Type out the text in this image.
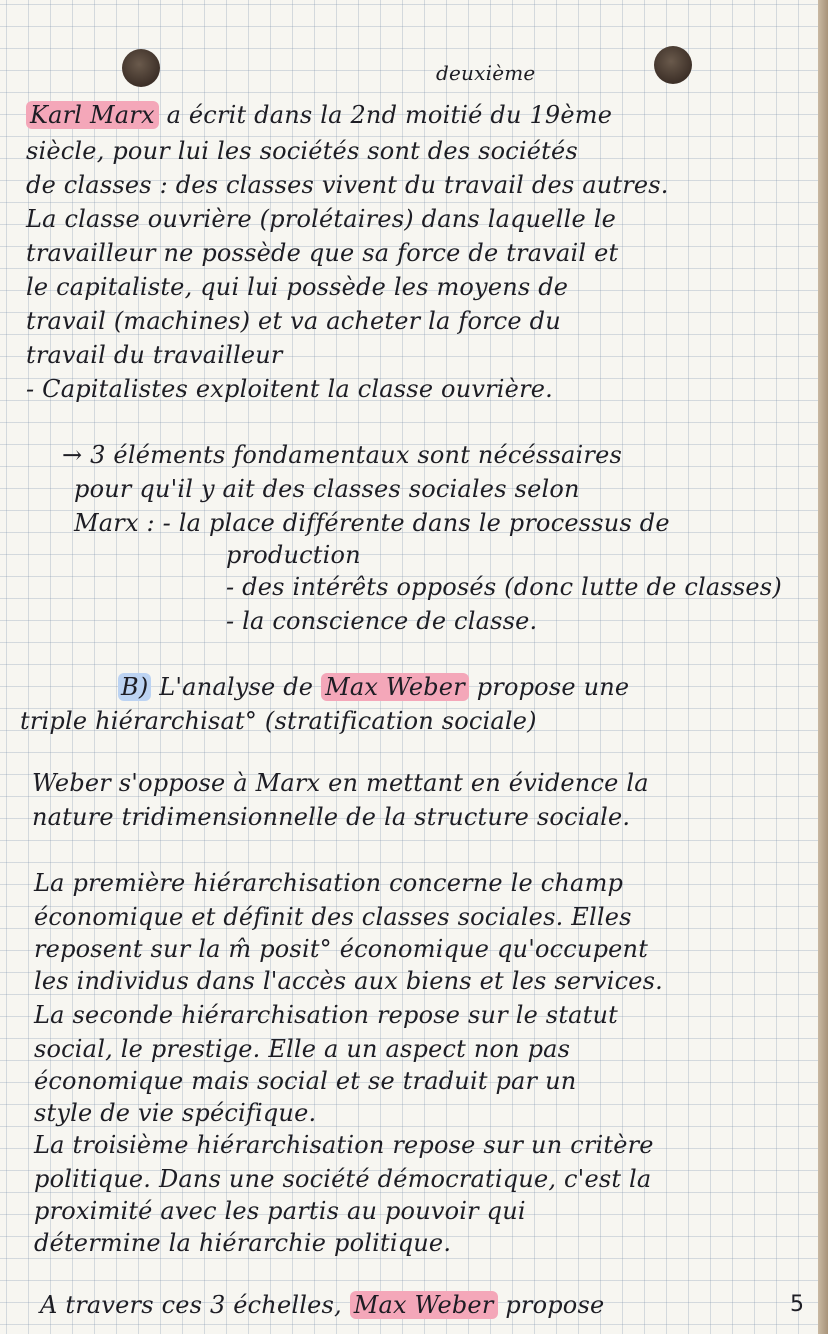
deuxième

Karl Marx a écrit dans la 2nd moitié du 19ème

siècle, pour lui les sociétés sont des sociétés

de classes : des classes vivent du travail des autres.

La classe ouvrière (prolétaires) dans laquelle le

travailleur ne possède que sa force de travail et

le capitaliste, qui lui possède les moyens de

travail (machines) et va acheter la force du

travail du travailleur

- Capitalistes exploitent la classe ouvrière.

→ 3 éléments fondamentaux sont nécéssaires

pour qu'il y ait des classes sociales selon

Marx : - la place différente dans le processus de

production

- des intérêts opposés (donc lutte de classes)

- la conscience de classe.

B) L'analyse de Max Weber propose une

triple hiérarchisat° (stratification sociale)

Weber s'oppose à Marx en mettant en évidence la

nature tridimensionnelle de la structure sociale.

La première hiérarchisation concerne le champ

économique et définit des classes sociales. Elles

reposent sur la m̂ posit° économique qu'occupent

les individus dans l'accès aux biens et les services.

La seconde hiérarchisation repose sur le statut

social, le prestige. Elle a un aspect non pas

économique mais social et se traduit par un

style de vie spécifique.

La troisième hiérarchisation repose sur un critère

politique. Dans une société démocratique, c'est la

proximité avec les partis au pouvoir qui

détermine la hiérarchie politique.

A travers ces 3 échelles, Max Weber propose	5
